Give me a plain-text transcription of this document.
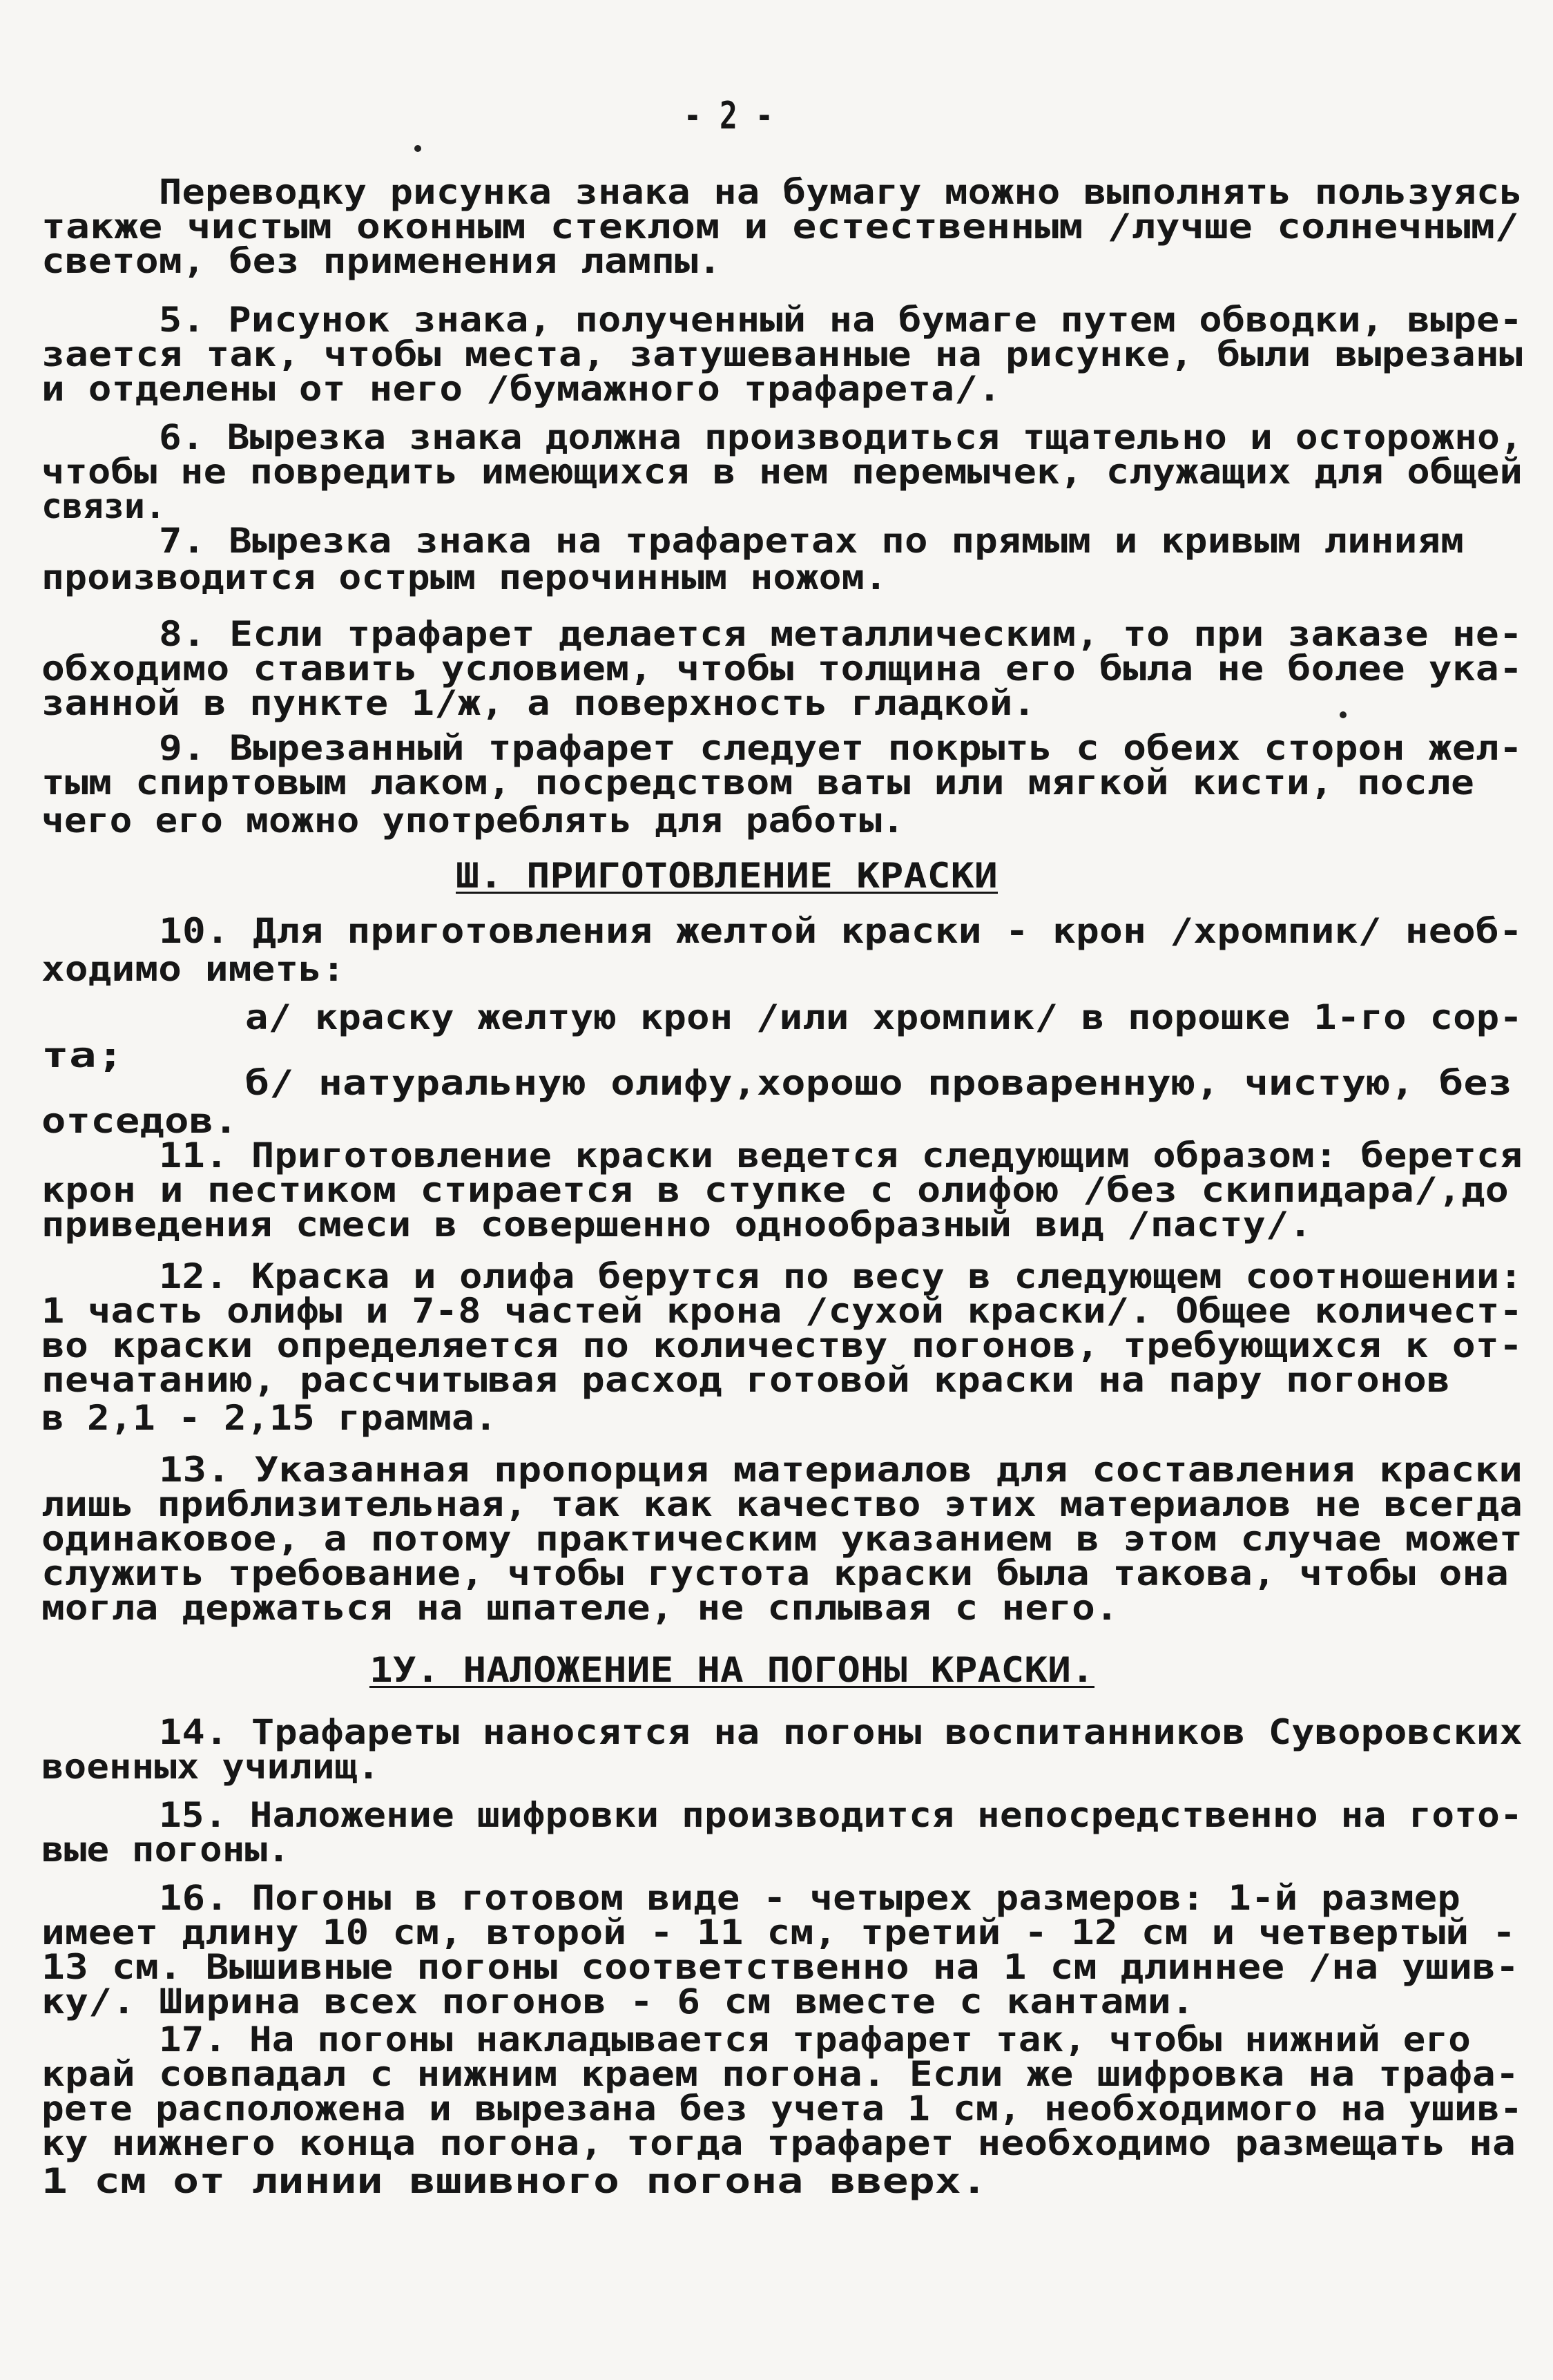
- 2 -
Переводку рисунка знака на бумагу можно выполнять пользуясь
также чистым оконным стеклом и естественным /лучше солнечным/
светом, без применения лампы.
5. Рисунок знака, полученный на бумаге путем обводки, выре-
зается так, чтобы места, затушеванные на рисунке, были вырезаны
и отделены от него /бумажного трафарета/.
6. Вырезка знака должна производиться тщательно и осторожно,
чтобы не повредить имеющихся в нем перемычек, служащих для общей
связи.
7. Вырезка знака на трафаретах по прямым и кривым линиям
производится острым перочинным ножом.
8. Если трафарет делается металлическим, то при заказе не-
обходимо ставить условием, чтобы толщина его была не более ука-
занной в пункте 1/ж, а поверхность гладкой.
9. Вырезанный трафарет следует покрыть с обеих сторон жел-
тым спиртовым лаком, посредством ваты или мягкой кисти, после
чего его можно употреблять для работы.
Ш. ПРИГОТОВЛЕНИЕ КРАСКИ
10. Для приготовления желтой краски - крон /хромпик/ необ-
ходимо иметь:
а/ краску желтую крон /или хромпик/ в порошке 1-го сор-
та;
б/ натуральную олифу,хорошо проваренную, чистую, без
отседов.
11. Приготовление краски ведется следующим образом: берется
крон и пестиком стирается в ступке с олифою /без скипидара/,до
приведения смеси в совершенно однообразный вид /пасту/.
12. Краска и олифа берутся по весу в следующем соотношении:
1 часть олифы и 7-8 частей крона /сухой краски/. Общее количест-
во краски определяется по количеству погонов, требующихся к от-
печатанию, рассчитывая расход готовой краски на пару погонов
в 2,1 - 2,15 грамма.
13. Указанная пропорция материалов для составления краски
лишь приблизительная, так как качество этих материалов не всегда
одинаковое, а потому практическим указанием в этом случае может
служить требование, чтобы густота краски была такова, чтобы она
могла держаться на шпателе, не сплывая с него.
1У. НАЛОЖЕНИЕ НА ПОГОНЫ КРАСКИ.
14. Трафареты наносятся на погоны воспитанников Суворовских
военных училищ.
15. Наложение шифровки производится непосредственно на гото-
вые погоны.
16. Погоны в готовом виде - четырех размеров: 1-й размер
имеет длину 10 см, второй - 11 см, третий - 12 см и четвертый -
13 см. Вышивные погоны соответственно на 1 см длиннее /на ушив-
ку/. Ширина всех погонов - 6 см вместе с кантами.
17. На погоны накладывается трафарет так, чтобы нижний его
край совпадал с нижним краем погона. Если же шифровка на трафа-
рете расположена и вырезана без учета 1 см, необходимого на ушив-
ку нижнего конца погона, тогда трафарет необходимо размещать на
1 см от линии вшивного погона вверх.
